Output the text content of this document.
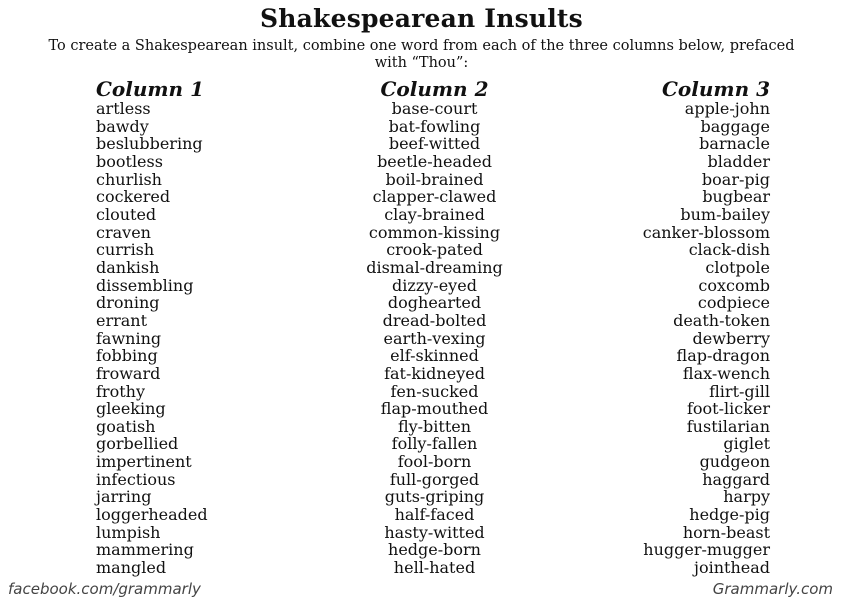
Shakespearean Insults
To create a Shakespearean insult, combine one word from each of the three columns below, prefaced with “Thou”:
Column 1
artless
bawdy
beslubbering
bootless
churlish
cockered
clouted
craven
currish
dankish
dissembling
droning
errant
fawning
fobbing
froward
frothy
gleeking
goatish
gorbellied
impertinent
infectious
jarring
loggerheaded
lumpish
mammering
mangled
Column 2
base-court
bat-fowling
beef-witted
beetle-headed
boil-brained
clapper-clawed
clay-brained
common-kissing
crook-pated
dismal-dreaming
dizzy-eyed
doghearted
dread-bolted
earth-vexing
elf-skinned
fat-kidneyed
fen-sucked
flap-mouthed
fly-bitten
folly-fallen
fool-born
full-gorged
guts-griping
half-faced
hasty-witted
hedge-born
hell-hated
Column 3
apple-john
baggage
barnacle
bladder
boar-pig
bugbear
bum-bailey
canker-blossom
clack-dish
clotpole
coxcomb
codpiece
death-token
dewberry
flap-dragon
flax-wench
flirt-gill
foot-licker
fustilarian
giglet
gudgeon
haggard
harpy
hedge-pig
horn-beast
hugger-mugger
jointhead
facebook.com/grammarly	Grammarly.com
